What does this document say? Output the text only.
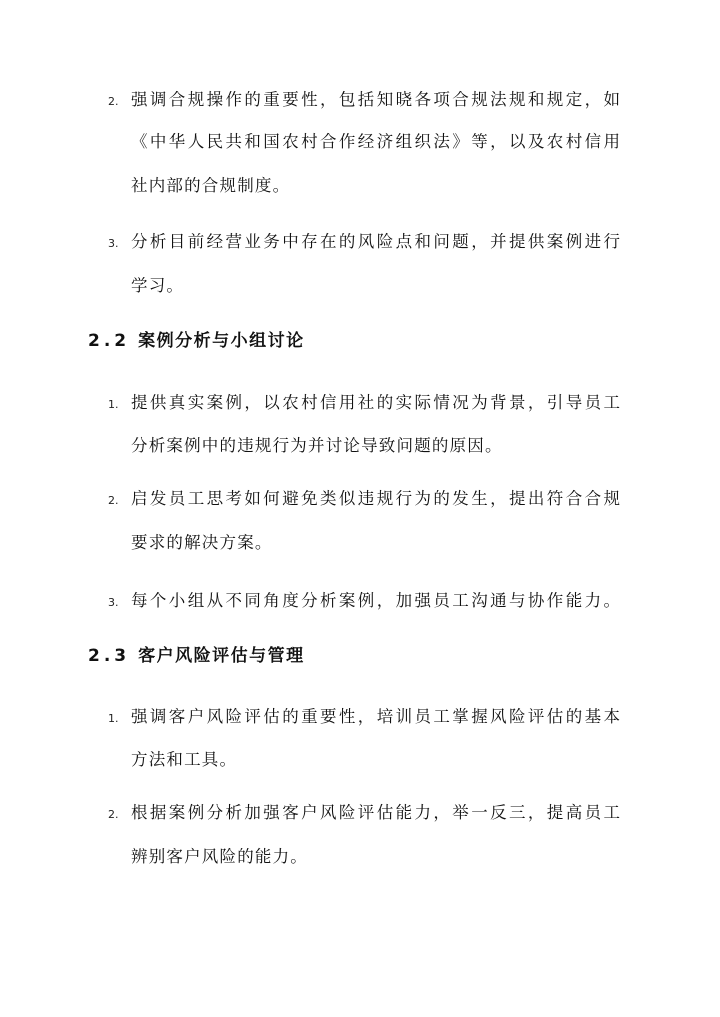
2. 强调合规操作的重要性，包括知晓各项合规法规和规定，如
《中华人民共和国农村合作经济组织法》等，以及农村信用
社内部的合规制度。
3. 分析目前经营业务中存在的风险点和问题，并提供案例进行
学习。
2.2 案例分析与小组讨论
1. 提供真实案例，以农村信用社的实际情况为背景，引导员工
分析案例中的违规行为并讨论导致问题的原因。
2. 启发员工思考如何避免类似违规行为的发生，提出符合合规
要求的解决方案。
3. 每个小组从不同角度分析案例，加强员工沟通与协作能力。
2.3 客户风险评估与管理
1. 强调客户风险评估的重要性，培训员工掌握风险评估的基本
方法和工具。
2. 根据案例分析加强客户风险评估能力，举一反三，提高员工
辨别客户风险的能力。
